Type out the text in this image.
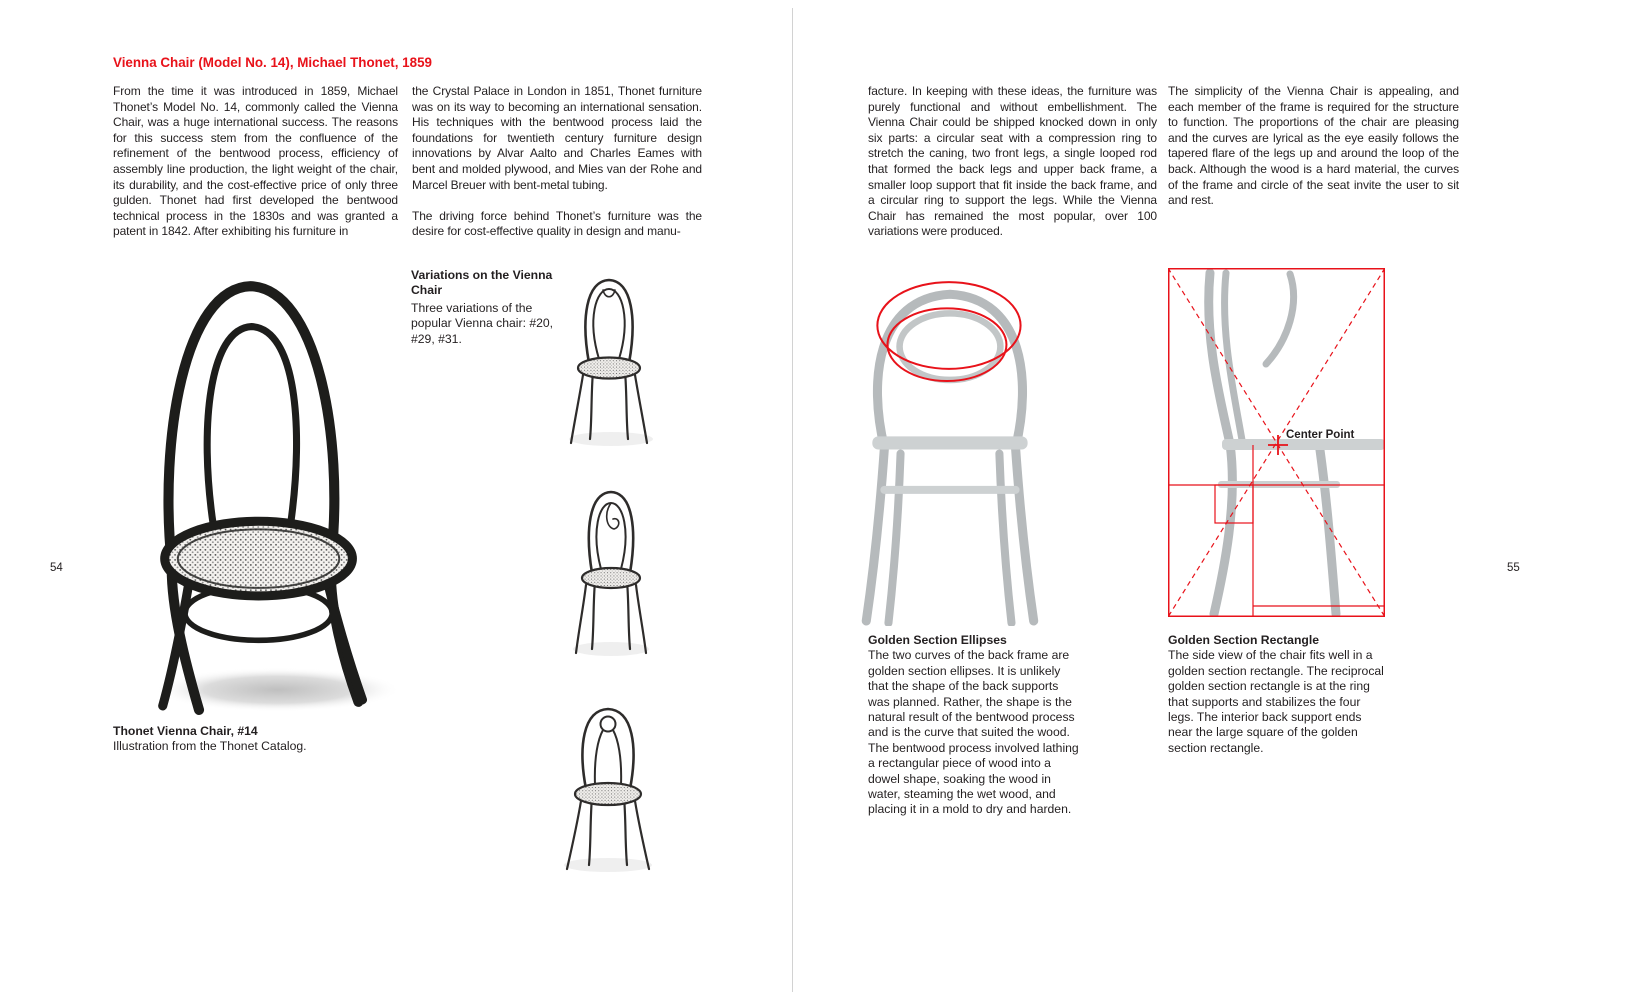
54	55
Vienna Chair (Model No. 14), Michael Thonet, 1859

From the time it was introduced in 1859, Michael Thonet’s Model No. 14, commonly called the Vienna Chair, was a huge international success. The reasons for this success stem from the confluence of the refinement of the bentwood process, efficiency of assembly line production, the light weight of the chair, its durability, and the cost-effective price of only three gulden. Thonet had first developed the bentwood technical process in the 1830s and was granted a patent in 1842. After exhibiting his furniture in

the Crystal Palace in London in 1851, Thonet furniture was on its way to becoming an international sensation. His techniques with the bentwood process laid the foundations for twentieth century furniture design innovations by Alvar Aalto and Charles Eames with bent and molded plywood, and Mies van der Rohe and Marcel Breuer with bent-metal tubing.

The driving force behind Thonet’s furniture was the desire for cost-effective quality in design and manu-

facture. In keeping with these ideas, the furniture was purely functional and without embellishment. The Vienna Chair could be shipped knocked down in only six parts: a circular seat with a compression ring to stretch the caning, two front legs, a single looped rod that formed the back legs and upper back frame, a smaller loop support that fit inside the back frame, and a circular ring to support the legs. While the Vienna Chair has remained the most popular, over 100 variations were produced.

The simplicity of the Vienna Chair is appealing, and each member of the frame is required for the structure to function. The proportions of the chair are pleasing and the curves are lyrical as the eye easily follows the tapered flare of the legs up and around the loop of the back. Although the wood is a hard material, the curves of the frame and circle of the seat invite the user to sit and rest.

Thonet Vienna Chair, #14
Illustration from the Thonet Catalog.
Variations on the Vienna Chair
Three variations of the popular Vienna chair: #20, #29, #31.
Golden Section Ellipses
The two curves of the back frame are golden section ellipses. It is unlikely that the shape of the back supports was planned. Rather, the shape is the natural result of the bentwood process and is the curve that suited the wood. The bentwood process involved lathing a rectangular piece of wood into a dowel shape, soaking the wood in water, steaming the wet wood, and placing it in a mold to dry and harden.
Center Point
Golden Section Rectangle
The side view of the chair fits well in a golden section rectangle. The reciprocal golden section rectangle is at the ring that supports and stabilizes the four legs. The interior back support ends near the large square of the golden section rectangle.
